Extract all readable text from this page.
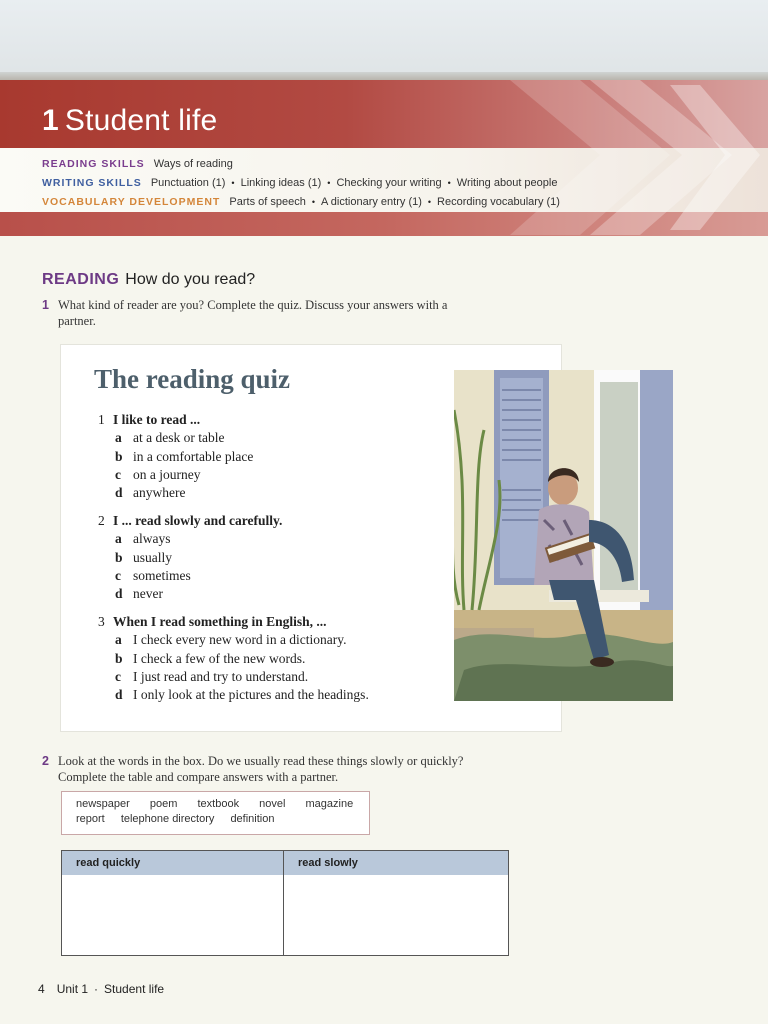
1 Student life
READING SKILLS Ways of reading
WRITING SKILLS Punctuation (1) • Linking ideas (1) • Checking your writing • Writing about people
VOCABULARY DEVELOPMENT Parts of speech • A dictionary entry (1) • Recording vocabulary (1)
READING How do you read?
1 What kind of reader are you? Complete the quiz. Discuss your answers with a partner.
The reading quiz
1 I like to read ...
a at a desk or table
b in a comfortable place
c on a journey
d anywhere
2 I ... read slowly and carefully.
a always
b usually
c sometimes
d never
3 When I read something in English, ...
a I check every new word in a dictionary.
b I check a few of the new words.
c I just read and try to understand.
d I only look at the pictures and the headings.
2 Look at the words in the box. Do we usually read these things slowly or quickly? Complete the table and compare answers with a partner.
newspaper poem textbook novel magazine
report telephone directory definition
read quickly	read slowly
4 Unit 1 · Student life
